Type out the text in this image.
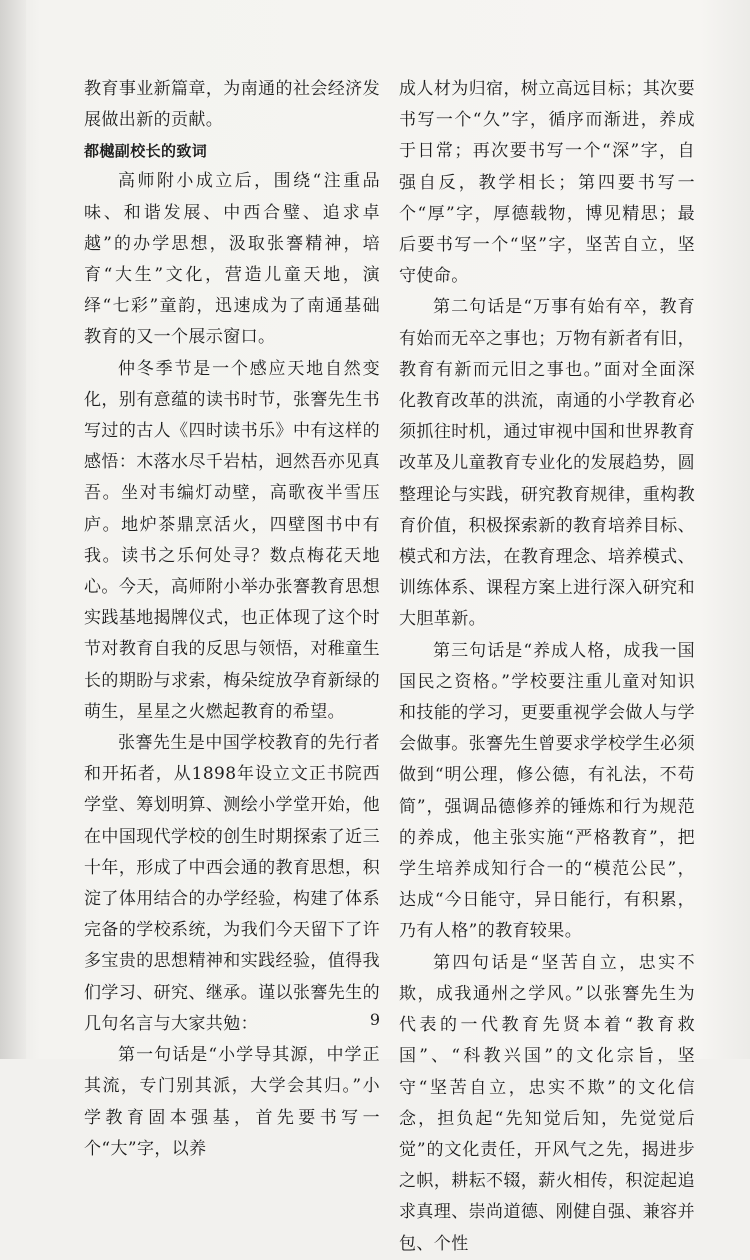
教育事业新篇章，为南通的社会经济发展做出新的贡献。

都樾副校长的致词

高师附小成立后，围绕“注重品味、和谐发展、中西合璧、追求卓越”的办学思想，汲取张謇精神，培育“大生”文化，营造儿童天地，演绎“七彩”童韵，迅速成为了南通基础教育的又一个展示窗口。

仲冬季节是一个感应天地自然变化，别有意蕴的读书时节，张謇先生书写过的古人《四时读书乐》中有这样的感悟：木落水尽千岩枯，迥然吾亦见真吾。坐对韦编灯动壁，高歌夜半雪压庐。地炉茶鼎烹活火，四壁图书中有我。读书之乐何处寻？数点梅花天地心。今天，高师附小举办张謇教育思想实践基地揭牌仪式，也正体现了这个时节对教育自我的反思与领悟，对稚童生长的期盼与求索，梅朵绽放孕育新绿的萌生，星星之火燃起教育的希望。

张謇先生是中国学校教育的先行者和开拓者，从1898年设立文正书院西学堂、筹划明算、测绘小学堂开始，他在中国现代学校的创生时期探索了近三十年，形成了中西会通的教育思想，积淀了体用结合的办学经验，构建了体系完备的学校系统，为我们今天留下了许多宝贵的思想精神和实践经验，值得我们学习、研究、继承。谨以张謇先生的几句名言与大家共勉：

第一句话是“小学导其源，中学正其流，专门别其派，大学会其归。”小学教育固本强基，首先要书写一个“大”字，以养

成人材为归宿，树立高远目标；其次要书写一个“久”字，循序而渐进，养成于日常；再次要书写一个“深”字，自强自反，教学相长；第四要书写一个“厚”字，厚德载物，博见精思；最后要书写一个“坚”字，坚苦自立，坚守使命。

第二句话是“万事有始有卒，教育有始而无卒之事也；万物有新者有旧，教育有新而元旧之事也。”面对全面深化教育改革的洪流，南通的小学教育必须抓往时机，通过审视中国和世界教育改革及儿童教育专业化的发展趋势，圆整理论与实践，研究教育规律，重构教育价值，积极探索新的教育培养目标、模式和方法，在教育理念、培养模式、训练体系、课程方案上进行深入研究和大胆革新。

第三句话是“养成人格，成我一国国民之资格。”学校要注重儿童对知识和技能的学习，更要重视学会做人与学会做事。张謇先生曾要求学校学生必须做到“明公理，修公德，有礼法，不苟简”，强调品德修养的锤炼和行为规范的养成，他主张实施“严格教育”，把学生培养成知行合一的“模范公民”，达成“今日能守，异日能行，有积累，乃有人格”的教育较果。

第四句话是“坚苦自立，忠实不欺，成我通州之学风。”以张謇先生为代表的一代教育先贤本着“教育救国”、“科教兴国”的文化宗旨，坚守“坚苦自立，忠实不欺”的文化信念，担负起“先知觉后知，先觉觉后觉”的文化责任，开风气之先，揭进步之帜，耕耘不辍，薪火相传，积淀起追求真理、崇尚道德、刚健自强、兼容并包、个性

9
